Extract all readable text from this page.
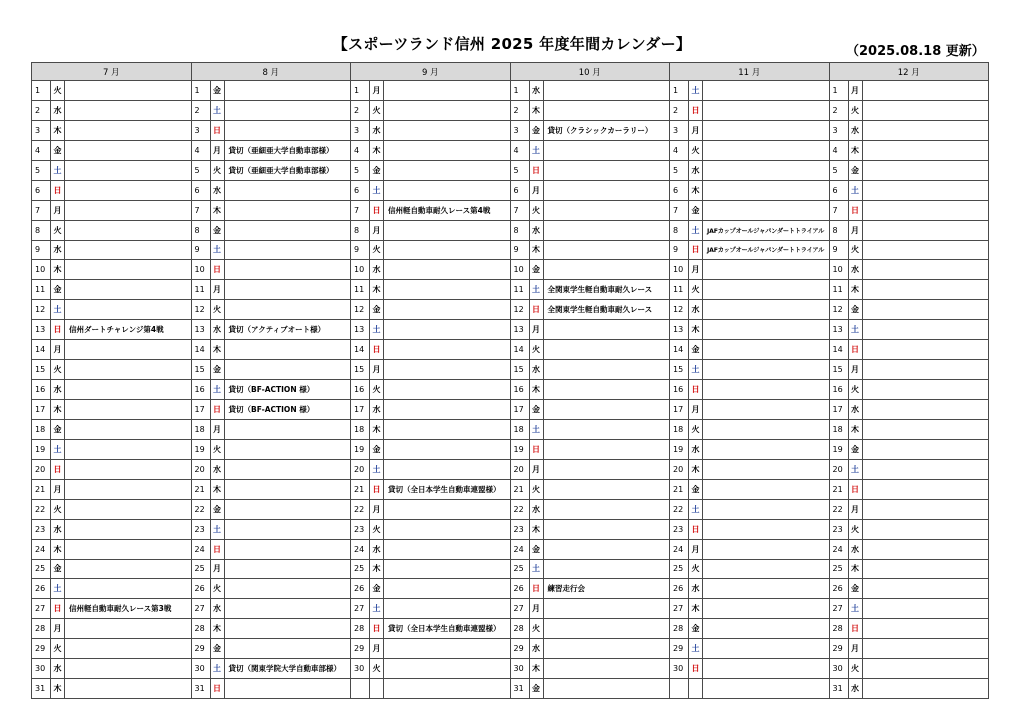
【スポーツランド信州 2025 年度年間カレンダー】	（2025.08.18 更新）
7 月			8 月			9 月			10 月			11 月			12 月		
1	火		1	金		1	月		1	水		1	土		1	月	
2	水		2	土		2	火		2	木		2	日		2	火	
3	木		3	日		3	水		3	金	貸切（クラシックカーラリー）	3	月		3	水	
4	金		4	月	貸切（亜細亜大学自動車部様）	4	木		4	土		4	火		4	木	
5	土		5	火	貸切（亜細亜大学自動車部様）	5	金		5	日		5	水		5	金	
6	日		6	水		6	土		6	月		6	木		6	土	
7	月		7	木		7	日	信州軽自動車耐久レース第4戦	7	火		7	金		7	日	
8	火		8	金		8	月		8	水		8	土	JAFカップオールジャパンダートトライアル	8	月	
9	水		9	土		9	火		9	木		9	日	JAFカップオールジャパンダートトライアル	9	火	
10	木		10	日		10	水		10	金		10	月		10	水	
11	金		11	月		11	木		11	土	全関東学生軽自動車耐久レース	11	火		11	木	
12	土		12	火		12	金		12	日	全関東学生軽自動車耐久レース	12	水		12	金	
13	日	信州ダートチャレンジ第4戦	13	水	貸切（アクティブオート様）	13	土		13	月		13	木		13	土	
14	月		14	木		14	日		14	火		14	金		14	日	
15	火		15	金		15	月		15	水		15	土		15	月	
16	水		16	土	貸切（BF-ACTION 様）	16	火		16	木		16	日		16	火	
17	木		17	日	貸切（BF-ACTION 様）	17	水		17	金		17	月		17	水	
18	金		18	月		18	木		18	土		18	火		18	木	
19	土		19	火		19	金		19	日		19	水		19	金	
20	日		20	水		20	土		20	月		20	木		20	土	
21	月		21	木		21	日	貸切（全日本学生自動車連盟様）	21	火		21	金		21	日	
22	火		22	金		22	月		22	水		22	土		22	月	
23	水		23	土		23	火		23	木		23	日		23	火	
24	木		24	日		24	水		24	金		24	月		24	水	
25	金		25	月		25	木		25	土		25	火		25	木	
26	土		26	火		26	金		26	日	練習走行会	26	水		26	金	
27	日	信州軽自動車耐久レース第3戦	27	水		27	土		27	月		27	木		27	土	
28	月		28	木		28	日	貸切（全日本学生自動車連盟様）	28	火		28	金		28	日	
29	火		29	金		29	月		29	水		29	土		29	月	
30	水		30	土	貸切（関東学院大学自動車部様）	30	火		30	木		30	日		30	火	
31	木		31	日					31	金					31	水	
